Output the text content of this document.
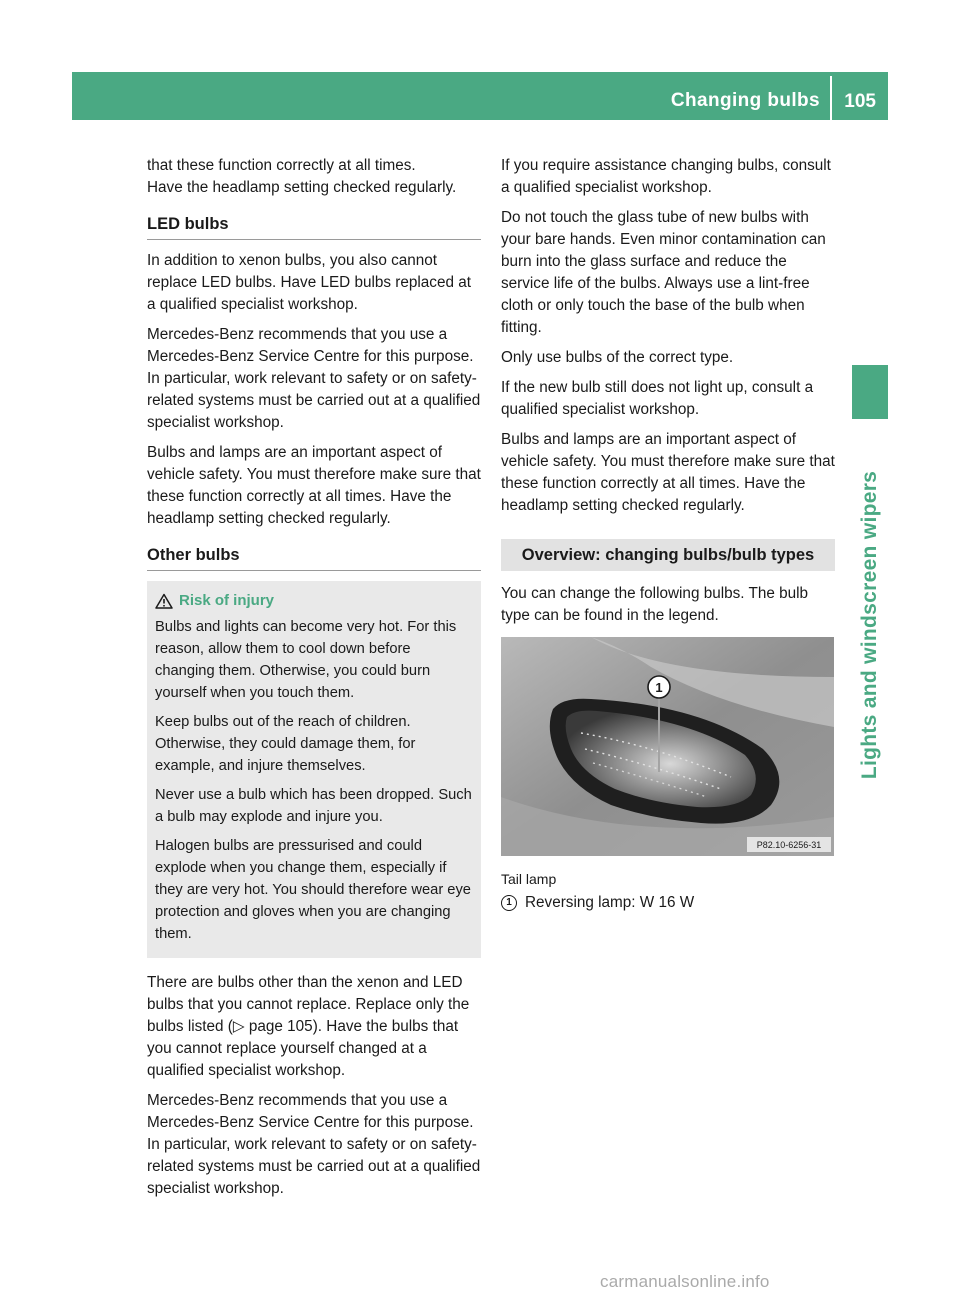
Changing bulbs 105
Lights and windscreen wipers

that these function correctly at all times.

Have the headlamp setting checked regularly.

LED bulbs

In addition to xenon bulbs, you also cannot replace LED bulbs. Have LED bulbs replaced at a qualified specialist workshop.

Mercedes-Benz recommends that you use a Mercedes-Benz Service Centre for this purpose. In particular, work relevant to safety or on safety-related systems must be carried out at a qualified specialist workshop.

Bulbs and lamps are an important aspect of vehicle safety. You must therefore make sure that these function correctly at all times. Have the headlamp setting checked regularly.

Other bulbs
Risk of injury

Bulbs and lights can become very hot. For this reason, allow them to cool down before changing them. Otherwise, you could burn yourself when you touch them.

Keep bulbs out of the reach of children. Otherwise, they could damage them, for example, and injure themselves.

Never use a bulb which has been dropped. Such a bulb may explode and injure you.

Halogen bulbs are pressurised and could explode when you change them, especially if they are very hot. You should therefore wear eye protection and gloves when you are changing them.

There are bulbs other than the xenon and LED bulbs that you cannot replace. Replace only the bulbs listed (▷ page 105). Have the bulbs that you cannot replace yourself changed at a qualified specialist workshop.

Mercedes-Benz recommends that you use a Mercedes-Benz Service Centre for this purpose. In particular, work relevant to safety or on safety-related systems must be carried out at a qualified specialist workshop.

If you require assistance changing bulbs, consult a qualified specialist workshop.

Do not touch the glass tube of new bulbs with your bare hands. Even minor contamination can burn into the glass surface and reduce the service life of the bulbs. Always use a lint-free cloth or only touch the base of the bulb when fitting.

Only use bulbs of the correct type.

If the new bulb still does not light up, consult a qualified specialist workshop.

Bulbs and lamps are an important aspect of vehicle safety. You must therefore make sure that these function correctly at all times. Have the headlamp setting checked regularly.

Overview: changing bulbs/bulb types

You can change the following bulbs. The bulb type can be found in the legend.

1
P82.10-6256-31
Tail lamp
1 Reversing lamp: W 16 W
carmanualsonline.info
